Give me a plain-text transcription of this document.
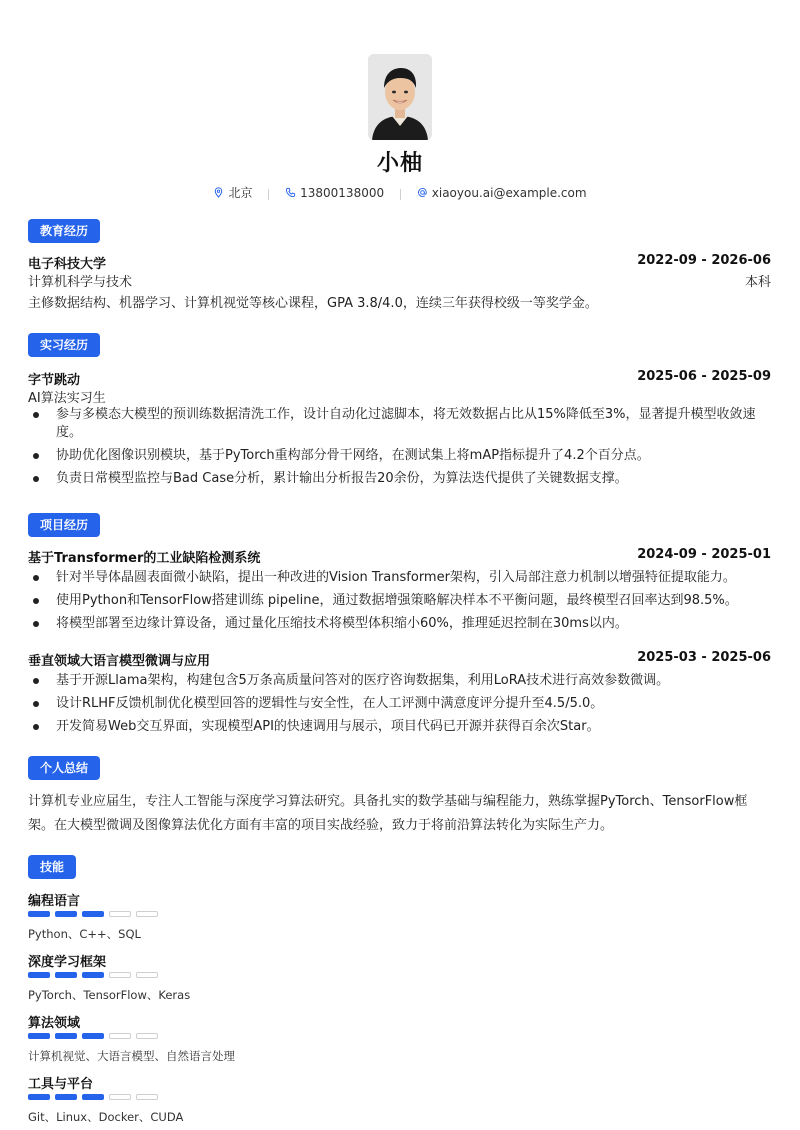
小柚
北京
	13800138000
	xiaoyou.ai@example.com
教育经历
电子科技大学	2022-09 - 2026-06
计算机科学与技术	本科
主修数据结构、机器学习、计算机视觉等核心课程，GPA 3.8/4.0，连续三年获得校级一等奖学金。
实习经历
字节跳动	2025-06 - 2025-09
AI算法实习生
参与多模态大模型的预训练数据清洗工作，设计自动化过滤脚本，将无效数据占比从15%降低至3%，显著提升模型收敛速度。
协助优化图像识别模块，基于PyTorch重构部分骨干网络，在测试集上将mAP指标提升了4.2个百分点。
负责日常模型监控与Bad Case分析，累计输出分析报告20余份，为算法迭代提供了关键数据支撑。
项目经历
基于Transformer的工业缺陷检测系统	2024-09 - 2025-01
针对半导体晶圆表面微小缺陷，提出一种改进的Vision Transformer架构，引入局部注意力机制以增强特征提取能力。
使用Python和TensorFlow搭建训练 pipeline，通过数据增强策略解决样本不平衡问题，最终模型召回率达到98.5%。
将模型部署至边缘计算设备，通过量化压缩技术将模型体积缩小60%，推理延迟控制在30ms以内。
垂直领域大语言模型微调与应用	2025-03 - 2025-06
基于开源Llama架构，构建包含5万条高质量问答对的医疗咨询数据集，利用LoRA技术进行高效参数微调。
设计RLHF反馈机制优化模型回答的逻辑性与安全性，在人工评测中满意度评分提升至4.5/5.0。
开发简易Web交互界面，实现模型API的快速调用与展示，项目代码已开源并获得百余次Star。
个人总结
计算机专业应届生，专注人工智能与深度学习算法研究。具备扎实的数学基础与编程能力，熟练掌握PyTorch、TensorFlow框架。在大模型微调及图像算法优化方面有丰富的项目实战经验，致力于将前沿算法转化为实际生产力。
技能
编程语言
Python、C++、SQL
深度学习框架
PyTorch、TensorFlow、Keras
算法领域
计算机视觉、大语言模型、自然语言处理
工具与平台
Git、Linux、Docker、CUDA
